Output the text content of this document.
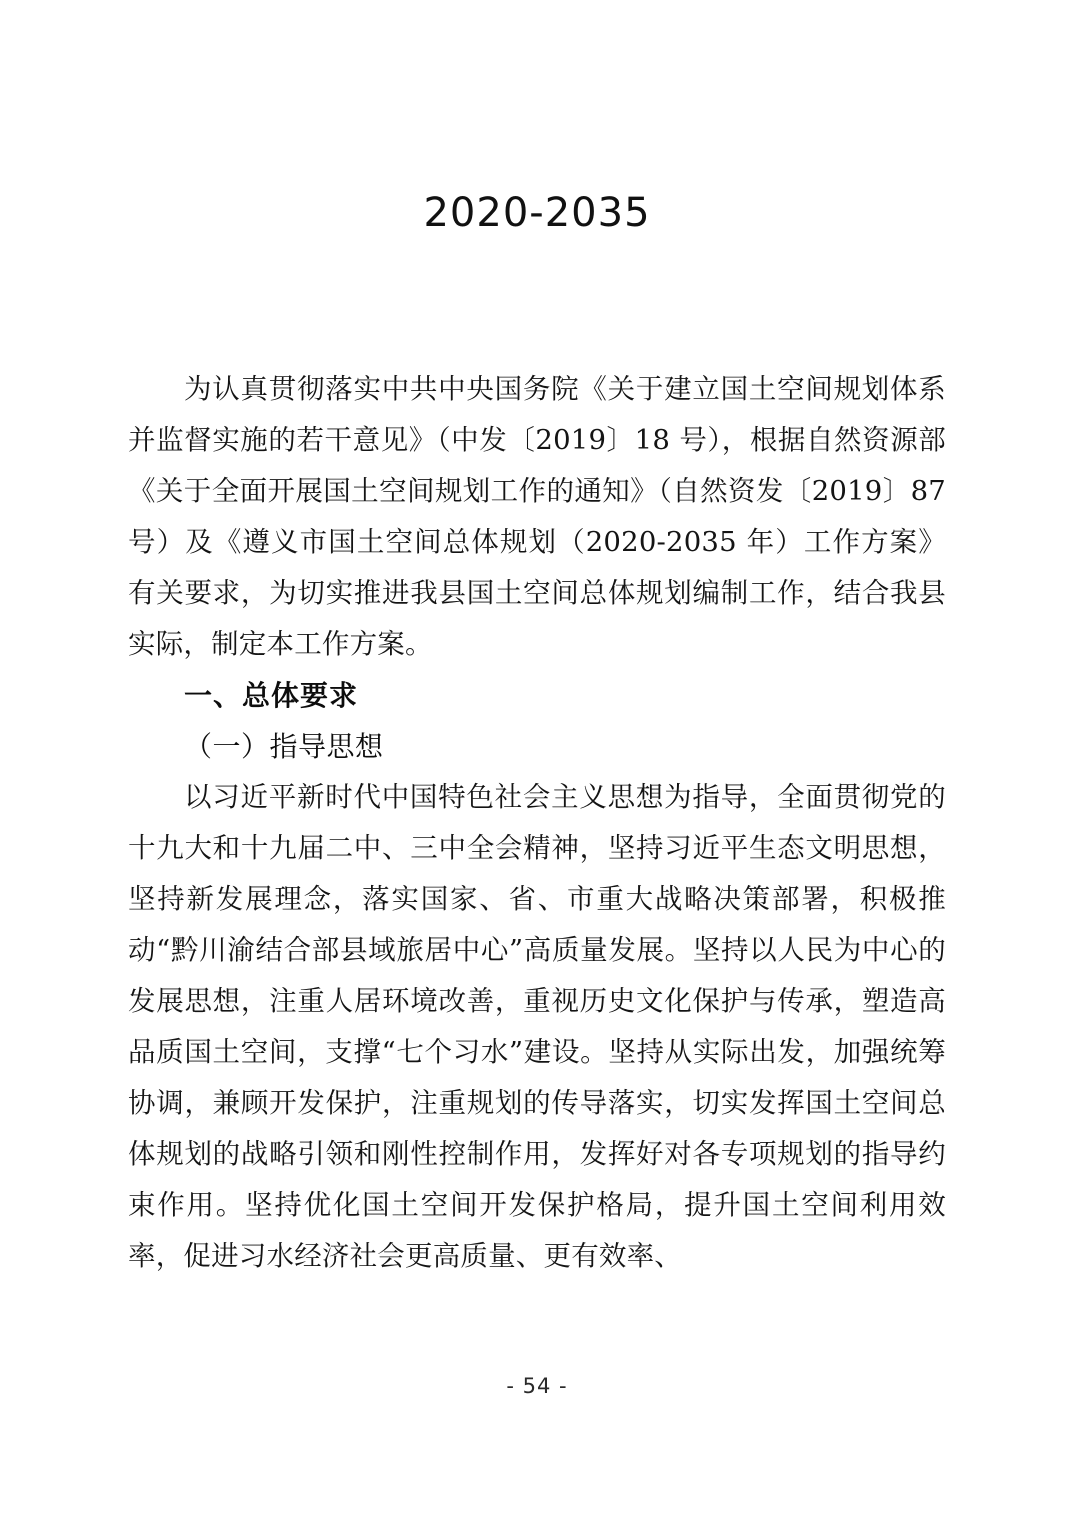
2020-2035

为认真贯彻落实中共中央国务院《关于建立国土空间规划体系并监督实施的若干意见》（中发〔2019〕18 号），根据自然资源部《关于全面开展国土空间规划工作的通知》（自然资发〔2019〕87 号）及《遵义市国土空间总体规划（2020-2035 年）工作方案》有关要求，为切实推进我县国土空间总体规划编制工作，结合我县实际，制定本工作方案。

一、总体要求

（一）指导思想

以习近平新时代中国特色社会主义思想为指导，全面贯彻党的十九大和十九届二中、三中全会精神，坚持习近平生态文明思想，坚持新发展理念，落实国家、省、市重大战略决策部署，积极推动“黔川渝结合部县域旅居中心”高质量发展。坚持以人民为中心的发展思想，注重人居环境改善，重视历史文化保护与传承，塑造高品质国土空间，支撑“七个习水”建设。坚持从实际出发，加强统筹协调，兼顾开发保护，注重规划的传导落实，切实发挥国土空间总体规划的战略引领和刚性控制作用，发挥好对各专项规划的指导约束作用。坚持优化国土空间开发保护格局，提升国土空间利用效率，促进习水经济社会更高质量、更有效率、

- 54 -
